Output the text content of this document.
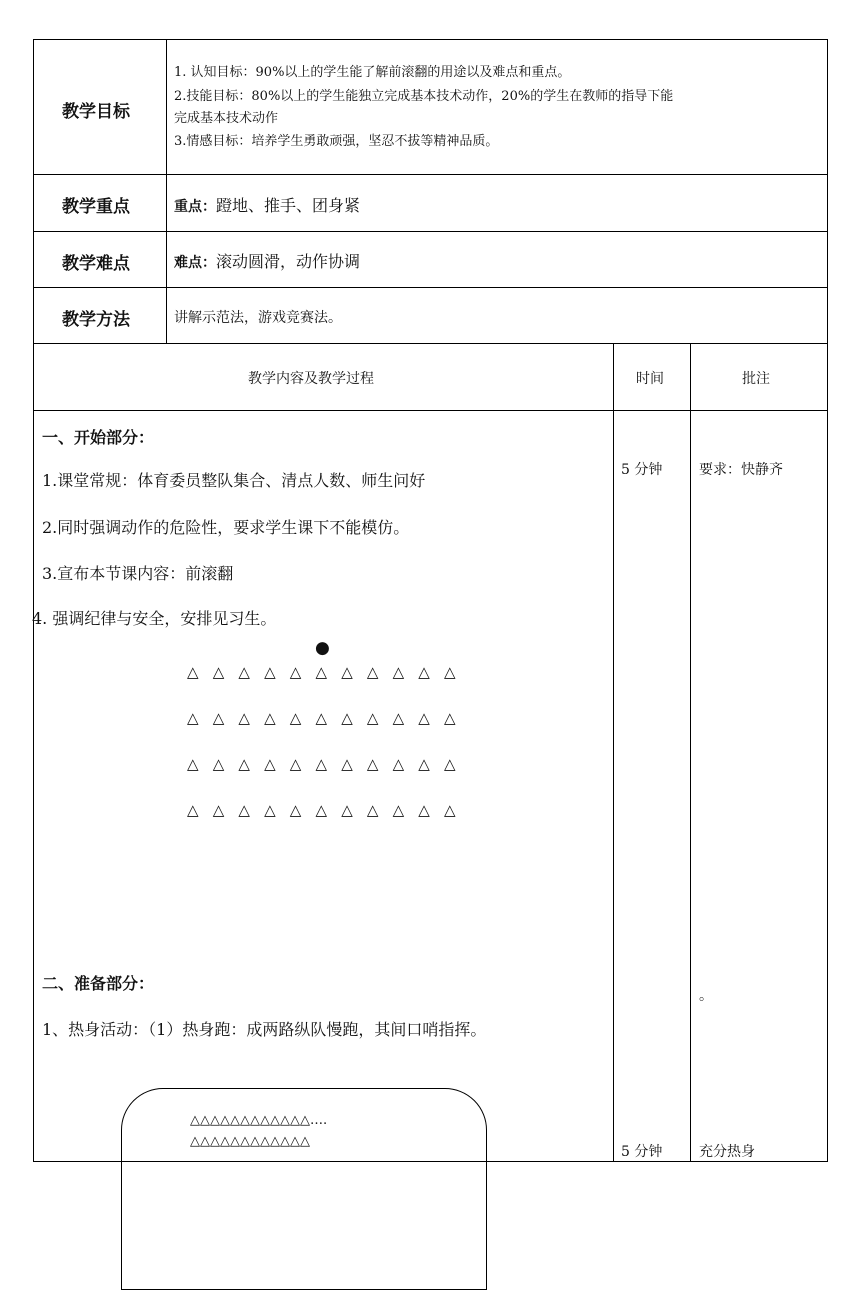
教学目标
1. 认知目标：90%以上的学生能了解前滚翻的用途以及难点和重点。
2.技能目标：80%以上的学生能独立完成基本技术动作，20%的学生在教师的指导下能
完成基本技术动作
3.情感目标：培养学生勇敢顽强，坚忍不拔等精神品质。
教学重点	重点：蹬地、推手、团身紧
教学难点	难点：滚动圆滑，动作协调
教学方法	讲解示范法，游戏竞赛法。
教学内容及教学过程	时间	批注
一、开始部分：
1.课堂常规：体育委员整队集合、清点人数、师生问好
2.同时强调动作的危险性，要求学生课下不能模仿。
3.宣布本节课内容：前滚翻
4. 强调纪律与安全，安排见习生。
5 分钟	要求：快静齐
●
△ △ △ △ △ △ △ △ △ △ △
△ △ △ △ △ △ △ △ △ △ △
△ △ △ △ △ △ △ △ △ △ △
△ △ △ △ △ △ △ △ △ △ △
二、准备部分：
1、热身活动：（1）热身跑：成两路纵队慢跑，其间口哨指挥。
。
△△△△△△△△△△△△….
△△△△△△△△△△△△
5 分钟	充分热身
